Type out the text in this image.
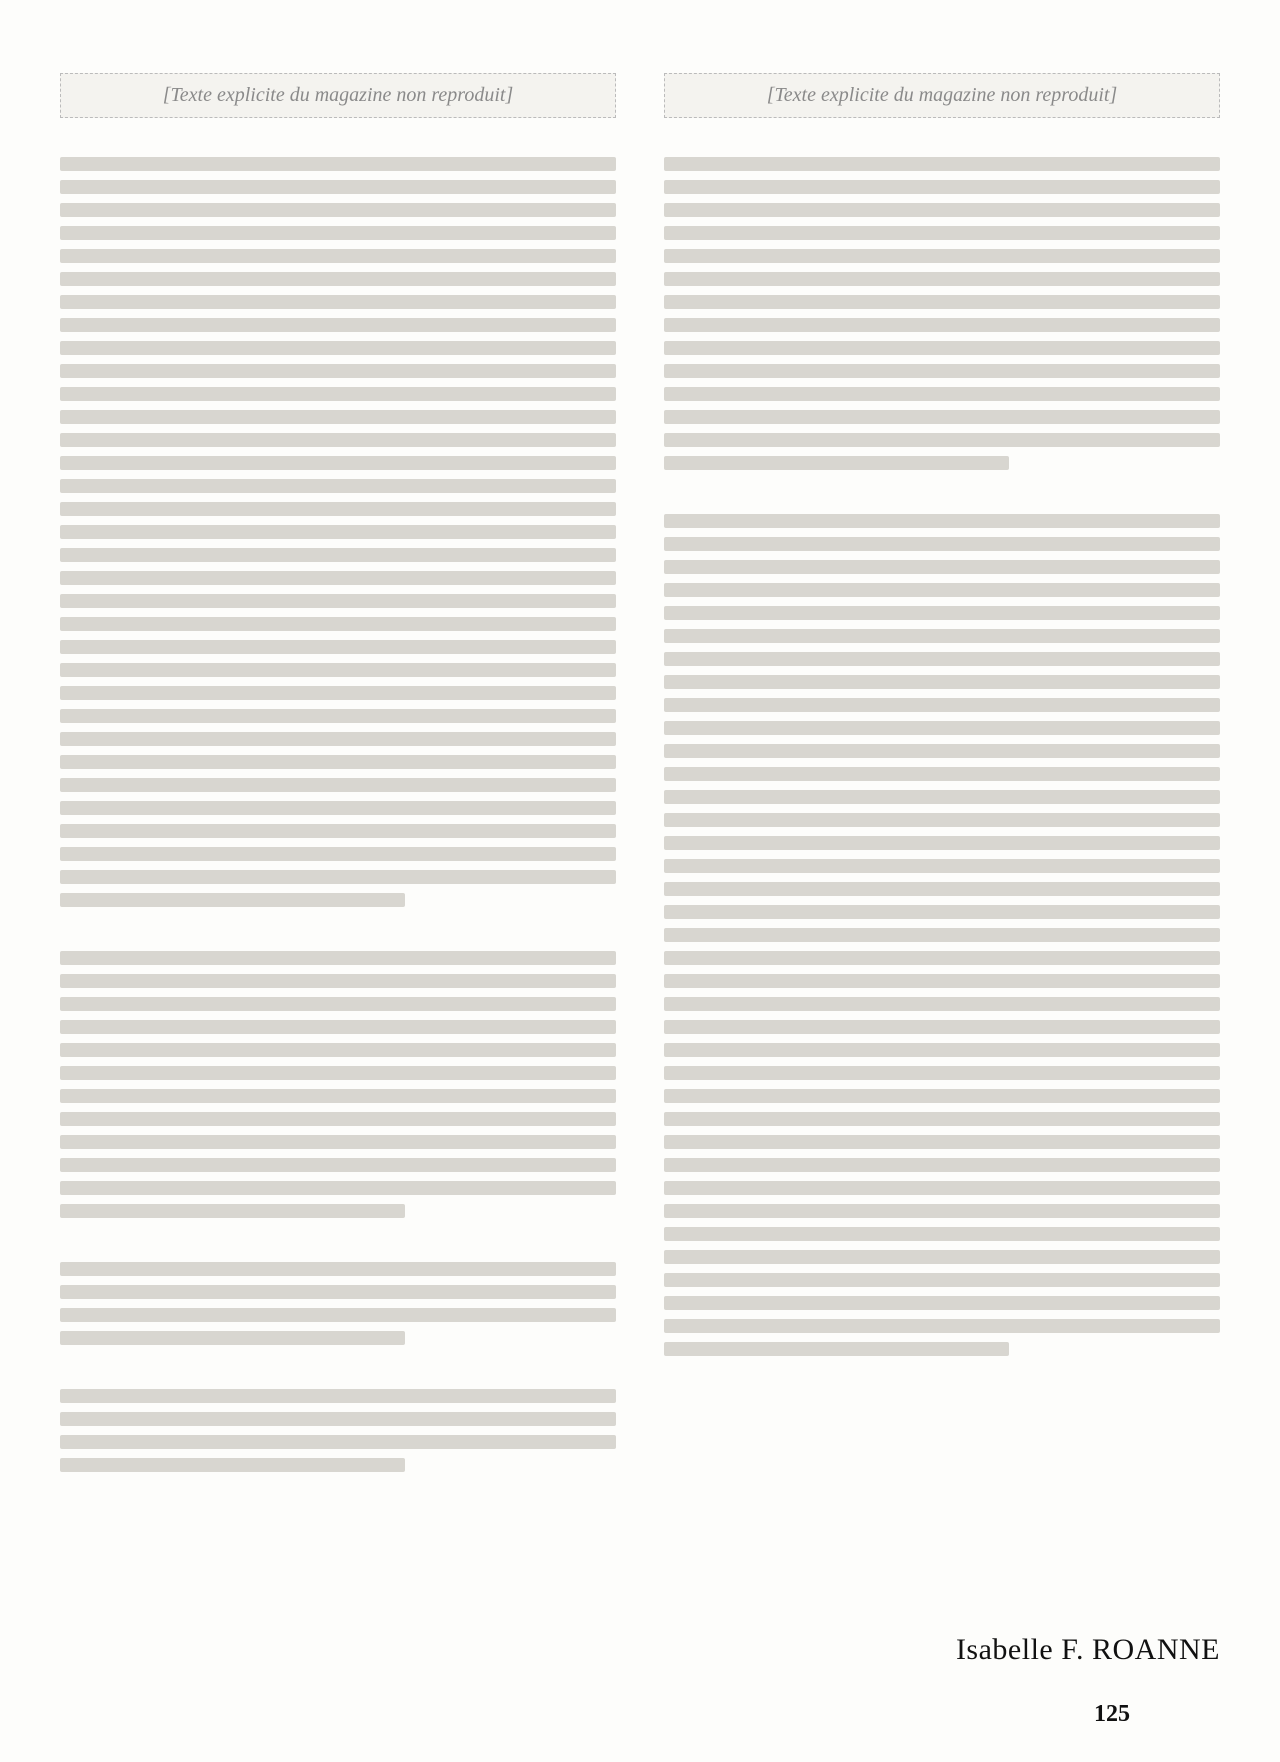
[Texte explicite du magazine non reproduit]	[Texte explicite du magazine non reproduit]
Isabelle F. ROANNE
125
